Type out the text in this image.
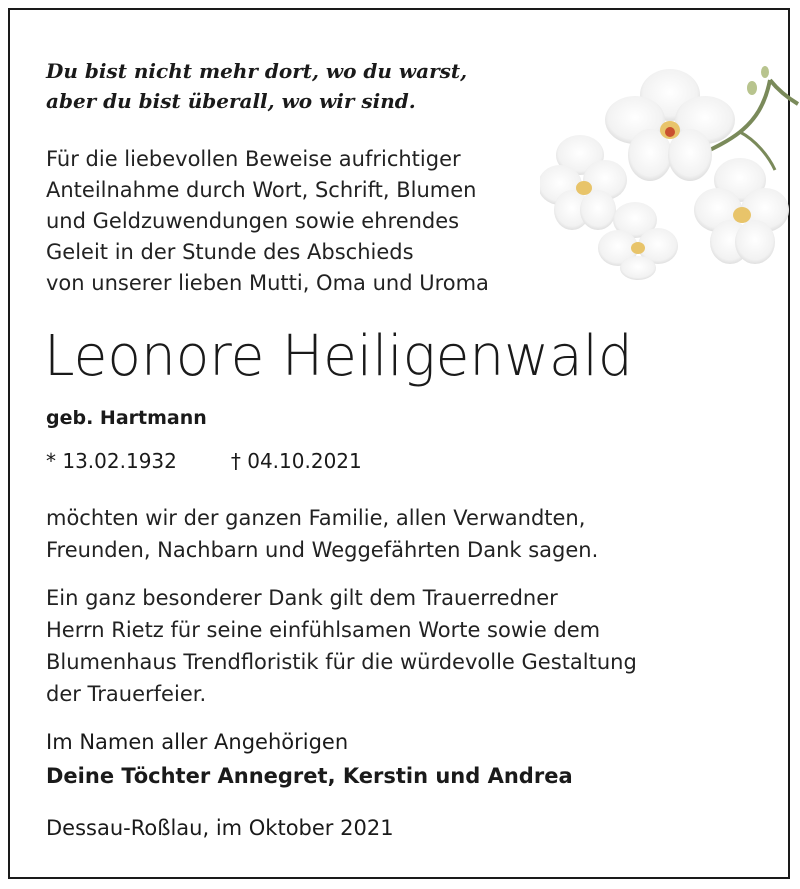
Du bist nicht mehr dort, wo du warst,

aber du bist überall, wo wir sind.

Für die liebevollen Beweise aufrichtiger

Anteilnahme durch Wort, Schrift, Blumen

und Geldzuwendungen sowie ehrendes

Geleit in der Stunde des Abschieds

von unserer lieben Mutti, Oma und Uroma

Leonore Heiligenwald

geb. Hartmann

* 13.02.1932	† 04.10.2021

möchten wir der ganzen Familie, allen Verwandten,

Freunden, Nachbarn und Weggefährten Dank sagen.

Ein ganz besonderer Dank gilt dem Trauerredner

Herrn Rietz für seine einfühlsamen Worte sowie dem

Blumenhaus Trendfloristik für die würdevolle Gestaltung

der Trauerfeier.

Im Namen aller Angehörigen

Deine Töchter Annegret, Kerstin und Andrea

Dessau-Roßlau, im Oktober 2021
